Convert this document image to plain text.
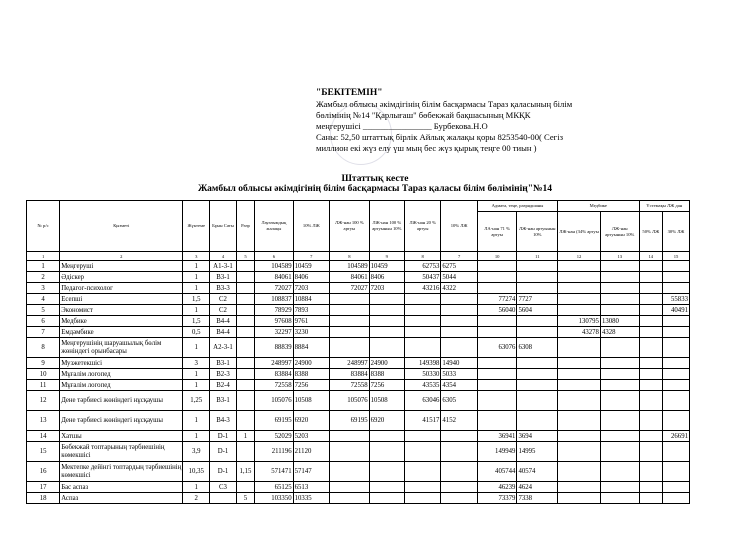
"БЕКІТЕМІН"
Жамбыл облысы әкімдігінің білім басқармасы Тараз қаласының білім
бөлімінің №14 "Қарлығаш" бөбекжай бақшасының МКҚК
меңгерушісі ________________ Бурбекова.Н.О
Саны: 52,50 штаттық бірлік Айлық жалақы қоры 8253540-00( Сегіз
миллион екі жүз елу үш мың бес жүз қырық теңге 00 тиын )
Штаттық кесте
Жамбыл облысы әкімдігінің білім басқармасы Тараз қаласы білім бөлімінің"№14
№ р/с	Қызметі	Жүктеме	Бұын Саты	Разр	Лауазымдық жалақы	10% ЛЖ	ЛЖ-нан 100 % артуы	ЛЖ-нан 100 % артуынын 10%	ЛЖ-нан 20 % артуы	10% ЛЖ	Адмата, теңе, разрядшаны		Медбике		Үстемақы ЛЖ дан	
											ЛА-нан 71 % артуы	ЛЖ-нан артуынын 10%	ЛЖ-нан (34% артуы	ЛЖ-нан артуынын 10%	50% ЛЖ	30% ЛЖ
1	2	3	4	5	6	7	8	9	8	7	10	11	12	13	14	15
1	Меңгеруші	1	А1-3-1		104589	10459	104589	10459	62753	6275						
2	Әдіскер	1	В3-1		84061	8406	84061	8406	50437	5044						
3	Педагог-психолог	1	В3-3		72027	7203	72027	7203	43216	4322						
4	Есепші	1,5	С2		108837	10884					77274	7727				55833
5	Экономист	1	С2		78929	7893					56040	5604				40491
6	Медбике	1,5	В4-4		97608	9761							130795	13080		
7	Емдәмбике	0,5	В4-4		32297	3230							43278	4328		
8	Меңгерушінің шаруашылық бөлім жөніндегі орынбасары	1	А2-3-1		88839	8884					63076	6308				
9	Музжетекшісі	3	В3-1		248997	24900	248997	24900	149398	14940						
10	Мұғалім логопед	1	В2-3		83884	8388	83884	8388	50330	5033						
11	Мұғалім логопед	1	В2-4		72558	7256	72558	7256	43535	4354						
12	Дене тәрбиесі жөніндегі нұсқаушы	1,25	В3-1		105076	10508	105076	10508	63046	6305						
13	Дене тәрбиесі жөніндегі нұсқаушы	1	В4-3		69195	6920	69195	6920	41517	4152						
14	Хатшы	1	D-1	1	52029	5203					36941	3694				26691
15	Бөбекжай топтарының тәрбиешінің көмекшісі	3,9	D-1		211196	21120					149949	14995				
16	Мектепке дейінгі топтардың тәрбиешінің көмекшісі	10,35	D-1	1,15	571471	57147					405744	40574				
17	Бас аспаз	1	С3		65125	6513					46239	4624				
18	Аспаз	2		5	103350	10335					73379	7338				
